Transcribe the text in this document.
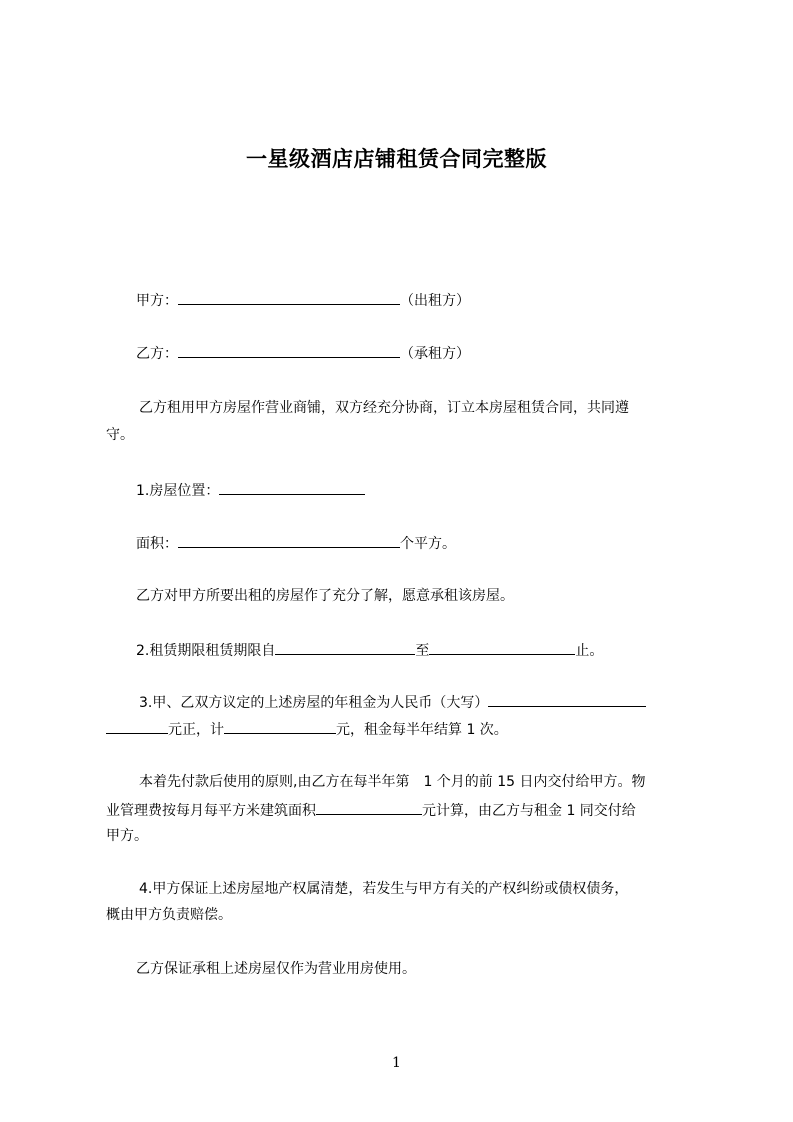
一星级酒店店铺租赁合同完整版
甲方：	（出租方）
乙方：	（承租方）
乙方租用甲方房屋作营业商铺，双方经充分协商，订立本房屋租赁合同，共同遵
守。
1.房屋位置：
面积：	个平方。
乙方对甲方所要出租的房屋作了充分了解，愿意承租该房屋。
2.租赁期限租赁期限自	至	止。
3.甲、乙双方议定的上述房屋的年租金为人民币（大写）
元正，计	元，租金每半年结算 1 次。
本着先付款后使用的原则,由乙方在每半年第　1 个月的前 15 日内交付给甲方。物
业管理费按每月每平方米建筑面积	元计算，由乙方与租金 1 同交付给
甲方。
4.甲方保证上述房屋地产权属清楚，若发生与甲方有关的产权纠纷或债权债务，
概由甲方负责赔偿。
乙方保证承租上述房屋仅作为营业用房使用。
1
